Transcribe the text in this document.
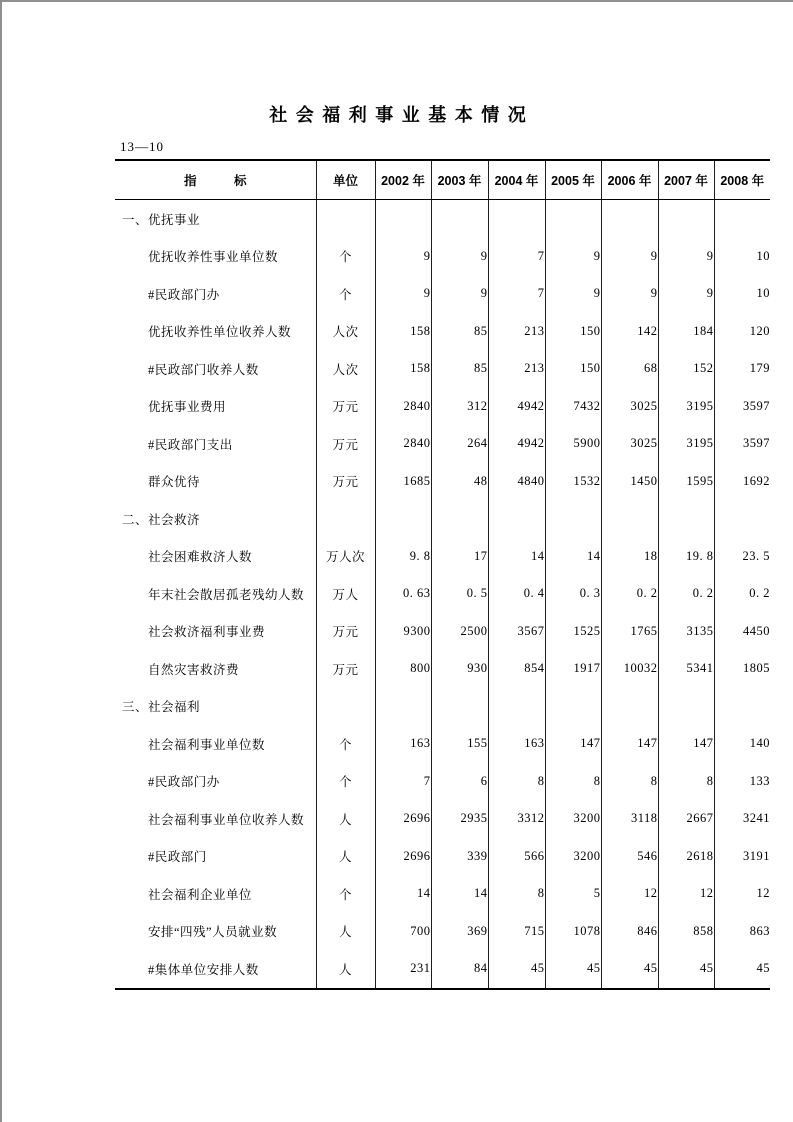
社会福利事业基本情况
13—10
指　　　标	单位	2002 年	2003 年	2004 年	2005 年	2006 年	2007 年	2008 年
一、优抚事业								
优抚收养性事业单位数	个	9	9	7	9	9	9	10
#民政部门办	个	9	9	7	9	9	9	10
优抚收养性单位收养人数	人次	158	85	213	150	142	184	120
#民政部门收养人数	人次	158	85	213	150	68	152	179
优抚事业费用	万元	2840	312	4942	7432	3025	3195	3597
#民政部门支出	万元	2840	264	4942	5900	3025	3195	3597
群众优待	万元	1685	48	4840	1532	1450	1595	1692
二、社会救济								
社会困难救济人数	万人次	9. 8	17	14	14	18	19. 8	23. 5
年末社会散居孤老残幼人数	万人	0. 63	0. 5	0. 4	0. 3	0. 2	0. 2	0. 2
社会救济福利事业费	万元	9300	2500	3567	1525	1765	3135	4450
自然灾害救济费	万元	800	930	854	1917	10032	5341	1805
三、社会福利								
社会福利事业单位数	个	163	155	163	147	147	147	140
#民政部门办	个	7	6	8	8	8	8	133
社会福利事业单位收养人数	人	2696	2935	3312	3200	3118	2667	3241
#民政部门	人	2696	339	566	3200	546	2618	3191
社会福利企业单位	个	14	14	8	5	12	12	12
安排“四残”人员就业数	人	700	369	715	1078	846	858	863
#集体单位安排人数	人	231	84	45	45	45	45	45
